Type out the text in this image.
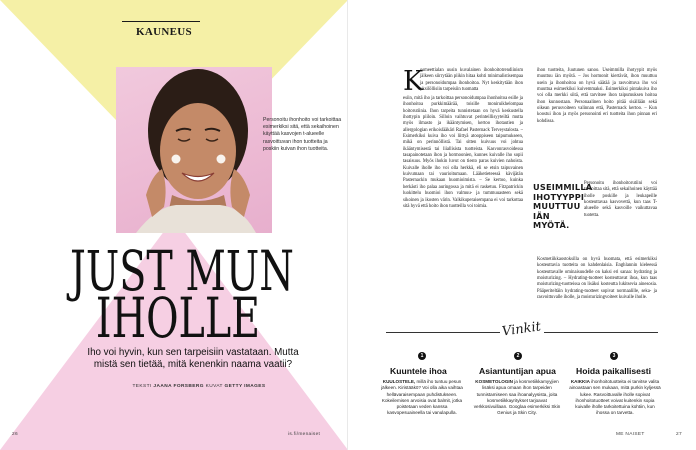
KAUNEUS
Personoitu ihonhoito voi tarkoittaa esimerkiksi sitä, että sekaihoinen käyttää kasvojen t-alueelle rasvoittuvan ihon tuotteita ja poskiin kuivan ihon tuotteita.
JUST MUN
IHOLLE
Iho voi hyvin, kun sen tarpeisiin vastataan. Mutta mistä sen tietää, mitä kenenkin naama vaatii?
TEKSTI JAANA FORSBERG KUVAT GETTY IMAGES
26	is.fi/menaiset
K
osmeettialan uusin kuvalainen ihonhoitotrendiinism jälkeen siirrytään piikin hitaa kohti minimalistisempaa ja personoidumpaa ihonhoitoa. Nyt keskitytään ihon yksilöllisiin tarpeisiin tuomatta
esiin, mitä iho ja tarkoittaa personoidumpaa ihonhoitoa esille ja ihonhoitoa purkkimäärää, toisille moniruikhelompaa hoitorutiinia. Ihon tarpeita tunnistetaan on hyvä keskustella ihottypin piiloin. Silloin vaihtuvat perinteillisyyteiltä mutta myös ilmasto ja ikääntymisen, kertoo ihotautien ja allergologian erikoislääkäri Rafael Pasternack Terveystalosta. – Esimerkiksi kuiva iho voi liittyä atooppiseen taipumukseen, mikä on perinnöllistä. Tai sitten kuivuus voi johtua ikääntymisestä tai liiallisista tuotteista. Kasvonrasvoidessa tasapainotetaan ihon ja hormoonien, kunnes kuivalle iho sopii tasaisuus. Myös ihokin luvut on tiesto paras kuivien nahoista. Kuivalle iholle iho voi olla herkkä, eli se etsin taipuvainen kuivumaan tai vaurioitumaan. Lääketieteessä kävijätän Pasternackin mukaan huomioimista. – Se kertoo, kuinka herkästi iho palaa auringossa ja mitä ei rasketuu. Fitzpatrickin luokittelu huomioi ihon valmuu- ja tummuuasteen sekä sikoinen ja ikosten värin. Valkikuperaisempana ei voi tarkottaa sitä hyvä että hoito ihon tuotteilla voi toimia.
ihon tuotteita, Juutunen sanoo. Useimmilla ihotyypit myös muuttuu iän myötä. – Jos hormonit kiertävät, ihon muuttuu usein ja ihonhoitoa on hyvä säätää ja rasvoittuva iho voi muuttua esimerkiksi kuivemmaksi. Esimerkiksi pintakuiva iho voi olla merkki siitä, että tarvitsee ihon taipumuksen hoitoa ihon kunnostaan. Personaalinen hoito pitää sisällään sekä oikean perusvoiteen valinnan että, Pasternack kertoo. – Kun koostui ihon ja myös personointi eri tuotteita ihon pinnan eri kohdissa.
USEIMMILLA IHOTYYPPI MUUTTUU IÄN MYÖTÄ.
Personoitu ihonhoitorutiini voi tarkoittaa sitä, että sekaihoinen käyttää iholle poskille ja leukapeille kosteuttavaa kasvovettä, kun taas T-alueelle sekä kasvoille vaikuttavaa tuotetta.
Kosmetiikkaostoksilla on hyvä huomata, että esimerkiksi kosteuttavia tuotteita on kahdenlaisia. Enghlannin kieleessä kosteuttavalle ominaisuudelle on kaksi eri sanaa: hydrating ja moisturizing. – Hydrating-tuotteet kosteuttavat ihoa, kun taas moisturizing-tuotteissa on lisäksi kosteutta lukitsevia ainesosia. Pääperiteltäin hydrating-tuotteet sopivat normaalille, seka- ja rasvoittuvalle iholle, ja moisturizingvoiteet kuivalle iholle.
Vinkit
1
Kuuntele ihoa
KUULOSTELE, millä iho tuntuu pesun jälkeen. Kiristääkö? Voi olla aika vaihtaa hellävaraisempaan puhdistukseen. Kokeilemisen arvoisia ovat balmit, jotka poistetaan veden kanssa kasvopesuaineella tai vanulapulla.
2
Asiantuntijan apua
KOSMETOLOGIN ja kosmetiikkamyyjien lisäksi apua omaan ihon tarpeiden tunnistamiseen saa ihoanalyysista, joita kosmetiikkayritykset tarjoavat verkkosivuillaan. Googlaa esimerkiksi Skin Genius ja Skin City.
3
Hoida paikallisesti
KAIKKIA ihonhoitotuotteita ei tarvitse valita ainoastaan sen mukaan, mitä purkin kyljessä lukee. Rasvoittuvalle iholle sopivat ihonhoitotuotteet voivat kuitenkin sopia kuivalle iholle tarkoitettuina kohtiin, kun ihossa on tarvetta.
ME NAISET	27
